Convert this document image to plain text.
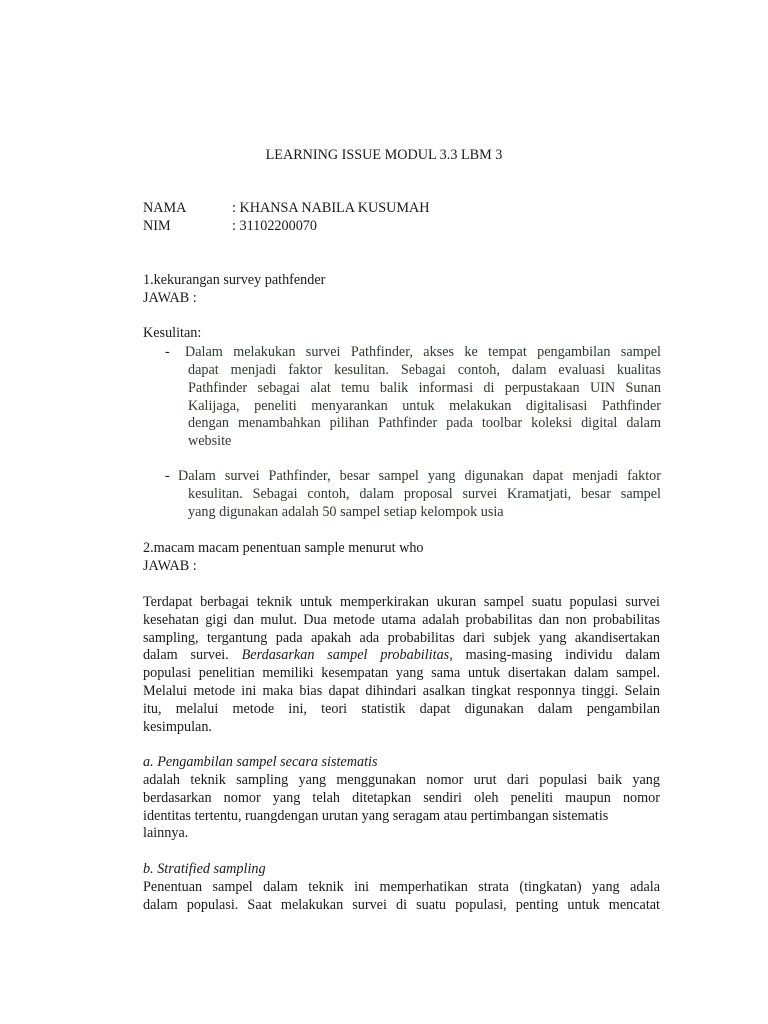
LEARNING ISSUE MODUL 3.3 LBM 3
NAMA	: KHANSA NABILA KUSUMAH
NIM	: 31102200070
1.kekurangan survey pathfender
JAWAB :
Kesulitan:
- Dalam melakukan survei Pathfinder, akses ke tempat pengambilan sampel
dapat menjadi faktor kesulitan. Sebagai contoh, dalam evaluasi kualitas
Pathfinder sebagai alat temu balik informasi di perpustakaan UIN Sunan
Kalijaga, peneliti menyarankan untuk melakukan digitalisasi Pathfinder
dengan menambahkan pilihan Pathfinder pada toolbar koleksi digital dalam
website
- Dalam survei Pathfinder, besar sampel yang digunakan dapat menjadi faktor
kesulitan. Sebagai contoh, dalam proposal survei Kramatjati, besar sampel
yang digunakan adalah 50 sampel setiap kelompok usia
2.macam macam penentuan sample menurut who
JAWAB :
Terdapat berbagai teknik untuk memperkirakan ukuran sampel suatu populasi survei
kesehatan gigi dan mulut. Dua metode utama adalah probabilitas dan non probabilitas
sampling, tergantung pada apakah ada probabilitas dari subjek yang akandisertakan
dalam survei. Berdasarkan sampel probabilitas, masing-masing individu dalam
populasi penelitian memiliki kesempatan yang sama untuk disertakan dalam sampel.
Melalui metode ini maka bias dapat dihindari asalkan tingkat responnya tinggi. Selain
itu, melalui metode ini, teori statistik dapat digunakan dalam pengambilan
kesimpulan.
a. Pengambilan sampel secara sistematis
adalah teknik sampling yang menggunakan nomor urut dari populasi baik yang
berdasarkan nomor yang telah ditetapkan sendiri oleh peneliti maupun nomor
identitas tertentu, ruangdengan urutan yang seragam atau pertimbangan sistematis
lainnya.
b. Stratified sampling
Penentuan sampel dalam teknik ini memperhatikan strata (tingkatan) yang adala
dalam populasi. Saat melakukan survei di suatu populasi, penting untuk mencatat
